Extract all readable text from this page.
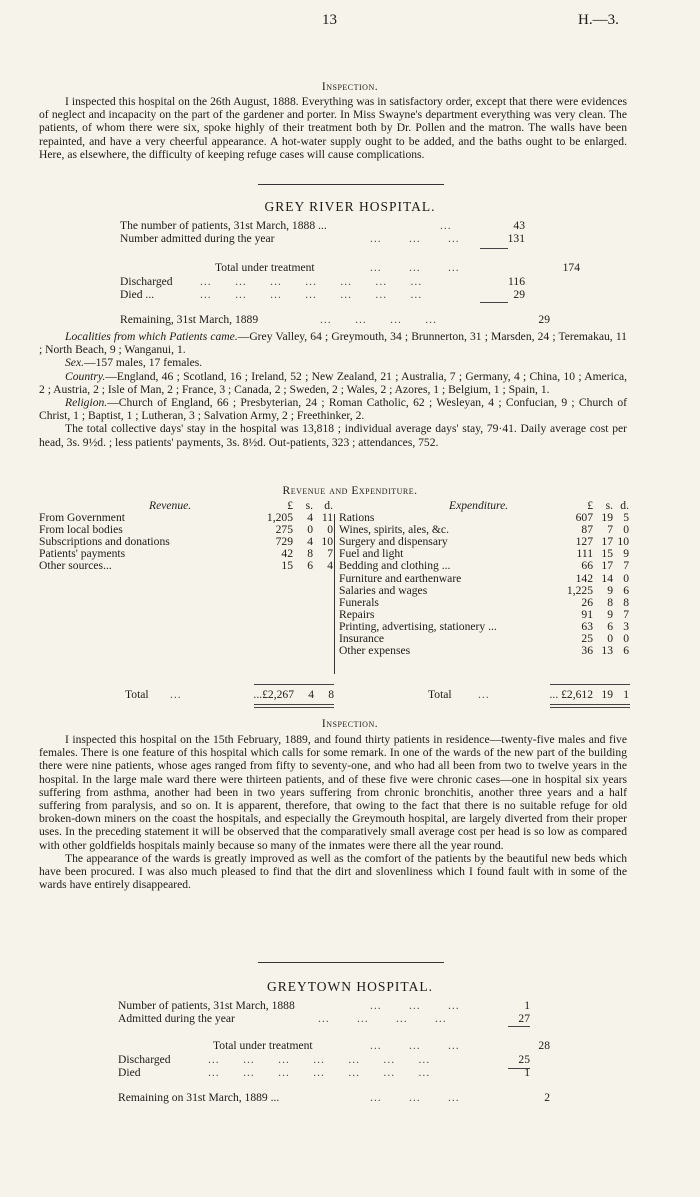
13	H.—3.
Inspection.

I inspected this hospital on the 26th August, 1888. Everything was in satisfactory order, except that there were evidences of neglect and incapacity on the part of the gardener and porter. In Miss Swayne's department everything was very clean. The patients, of whom there were six, spoke highly of their treatment both by Dr. Pollen and the matron. The walls have been repainted, and have a very cheerful appearance. A hot-water supply ought to be added, and the baths ought to be enlarged. Here, as elsewhere, the difficulty of keeping refuge cases will cause complications.

GREY RIVER HOSPITAL.
The number of patients, 31st March, 1888 ...	...	43
Number admitted during the year	...       ...       ...	131
Total under treatment	...       ...       ...	174
Discharged ...      ...      ...      ...      ...      ...      ...	116
Died ...	...      ...      ...      ...      ...      ...      ...	29
Remaining, 31st March, 1889	...      ...      ...      ...	29

Localities from which Patients came.—Grey Valley, 64 ; Greymouth, 34 ; Brunnerton, 31 ; Marsden, 24 ; Teremakau, 11 ; North Beach, 9 ; Wanganui, 1.

Sex.—157 males, 17 females.

Country.—England, 46 ; Scotland, 16 ; Ireland, 52 ; New Zealand, 21 ; Australia, 7 ; Germany, 4 ; China, 10 ; America, 2 ; Austria, 2 ; Isle of Man, 2 ; France, 3 ; Canada, 2 ; Sweden, 2 ; Wales, 2 ; Azores, 1 ; Belgium, 1 ; Spain, 1.

Religion.—Church of England, 66 ; Presbyterian, 24 ; Roman Catholic, 62 ; Wesleyan, 4 ; Confucian, 9 ; Church of Christ, 1 ; Baptist, 1 ; Lutheran, 3 ; Salvation Army, 2 ; Freethinker, 2.

The total collective days' stay in the hospital was 13,818 ; individual average days' stay, 79·41. Daily average cost per head, 3s. 9½d. ; less patients' payments, 3s. 8½d. Out-patients, 323 ; attendances, 752.

Revenue and Expenditure.
Revenue.	£	s. d.
From Government	1,205	4 11
From local bodies	275	0	0
Subscriptions and donations	729	4 10
Patients' payments	42	8	7
Other sources...	15	6	4
Expenditure.	£	s. d.
Rations	607 19 5
Wines, spirits, ales, &c.	87	7 0
Surgery and dispensary	127 17 10
Fuel and light	111 15 9
Bedding and clothing ...	66 17 7
Furniture and earthenware	142 14 0
Salaries and wages	1,225	9 6
Funerals	26	8 8
Repairs	91	9 7
Printing, advertising, stationery ...	63	6 3
Insurance	25	0 0
Other expenses	36 13 6
Total ...	...£2,267	4	8	Total ...	... £2,612 19 1
Inspection.

I inspected this hospital on the 15th February, 1889, and found thirty patients in residence—twenty-five males and five females. There is one feature of this hospital which calls for some remark. In one of the wards of the new part of the building there were nine patients, whose ages ranged from fifty to seventy-one, and who had all been from two to twelve years in the hospital. In the large male ward there were thirteen patients, and of these five were chronic cases—one in hospital six years suffering from asthma, another had been in two years suffering from chronic bronchitis, another three years and a half suffering from paralysis, and so on. It is apparent, therefore, that owing to the fact that there is no suitable refuge for old broken-down miners on the coast the hospitals, and especially the Greymouth hospital, are largely diverted from their proper uses. In the preceding statement it will be observed that the comparatively small average cost per head is so low as compared with other goldfields hospitals mainly because so many of the inmates were there all the year round.

The appearance of the wards is greatly improved as well as the comfort of the patients by the beautiful new beds which have been procured. I was also much pleased to find that the dirt and slovenliness which I found fault with in some of the wards have entirely disappeared.

GREYTOWN HOSPITAL.
Number of patients, 31st March, 1888	...       ...       ...	1
Admitted during the year	...       ...       ...       ...	27
Total under treatment	...       ...       ...	28
Discharged	...      ...      ...      ...      ...      ...      ...	25
Died	...      ...      ...      ...      ...      ...      ...	1
Remaining on 31st March, 1889 ...	...       ...       ...	2
